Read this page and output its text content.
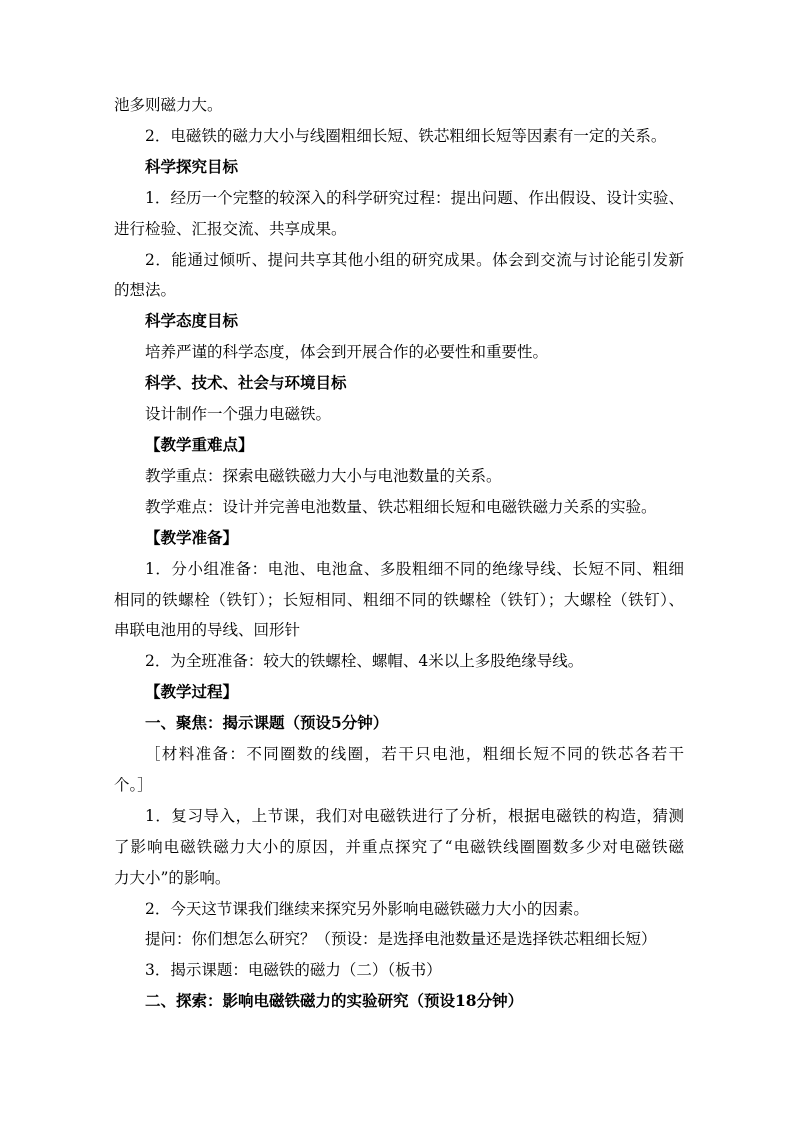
池多则磁力大。

2．电磁铁的磁力大小与线圈粗细长短、铁芯粗细长短等因素有一定的关系。

科学探究目标

1．经历一个完整的较深入的科学研究过程：提出问题、作出假设、设计实验、

进行检验、汇报交流、共享成果。

2．能通过倾听、提问共享其他小组的研究成果。体会到交流与讨论能引发新

的想法。

科学态度目标

培养严谨的科学态度，体会到开展合作的必要性和重要性。

科学、技术、社会与环境目标

设计制作一个强力电磁铁。

【教学重难点】

教学重点：探索电磁铁磁力大小与电池数量的关系。

教学难点：设计并完善电池数量、铁芯粗细长短和电磁铁磁力关系的实验。

【教学准备】

1．分小组准备：电池、电池盒、多股粗细不同的绝缘导线、长短不同、粗细

相同的铁螺栓（铁钉）；长短相同、粗细不同的铁螺栓（铁钉）；大螺栓（铁钉）、

串联电池用的导线、回形针

2．为全班准备：较大的铁螺栓、螺帽、4米以上多股绝缘导线。

【教学过程】

一、聚焦：揭示课题（预设5分钟）

［材料准备：不同圈数的线圈，若干只电池，粗细长短不同的铁芯各若干

个。］

1．复习导入，上节课，我们对电磁铁进行了分析，根据电磁铁的构造，猜测

了影响电磁铁磁力大小的原因，并重点探究了“电磁铁线圈圈数多少对电磁铁磁

力大小”的影响。

2．今天这节课我们继续来探究另外影响电磁铁磁力大小的因素。

提问：你们想怎么研究？（预设：是选择电池数量还是选择铁芯粗细长短）

3．揭示课题：电磁铁的磁力（二）（板书）

二、探索：影响电磁铁磁力的实验研究（预设18分钟）
